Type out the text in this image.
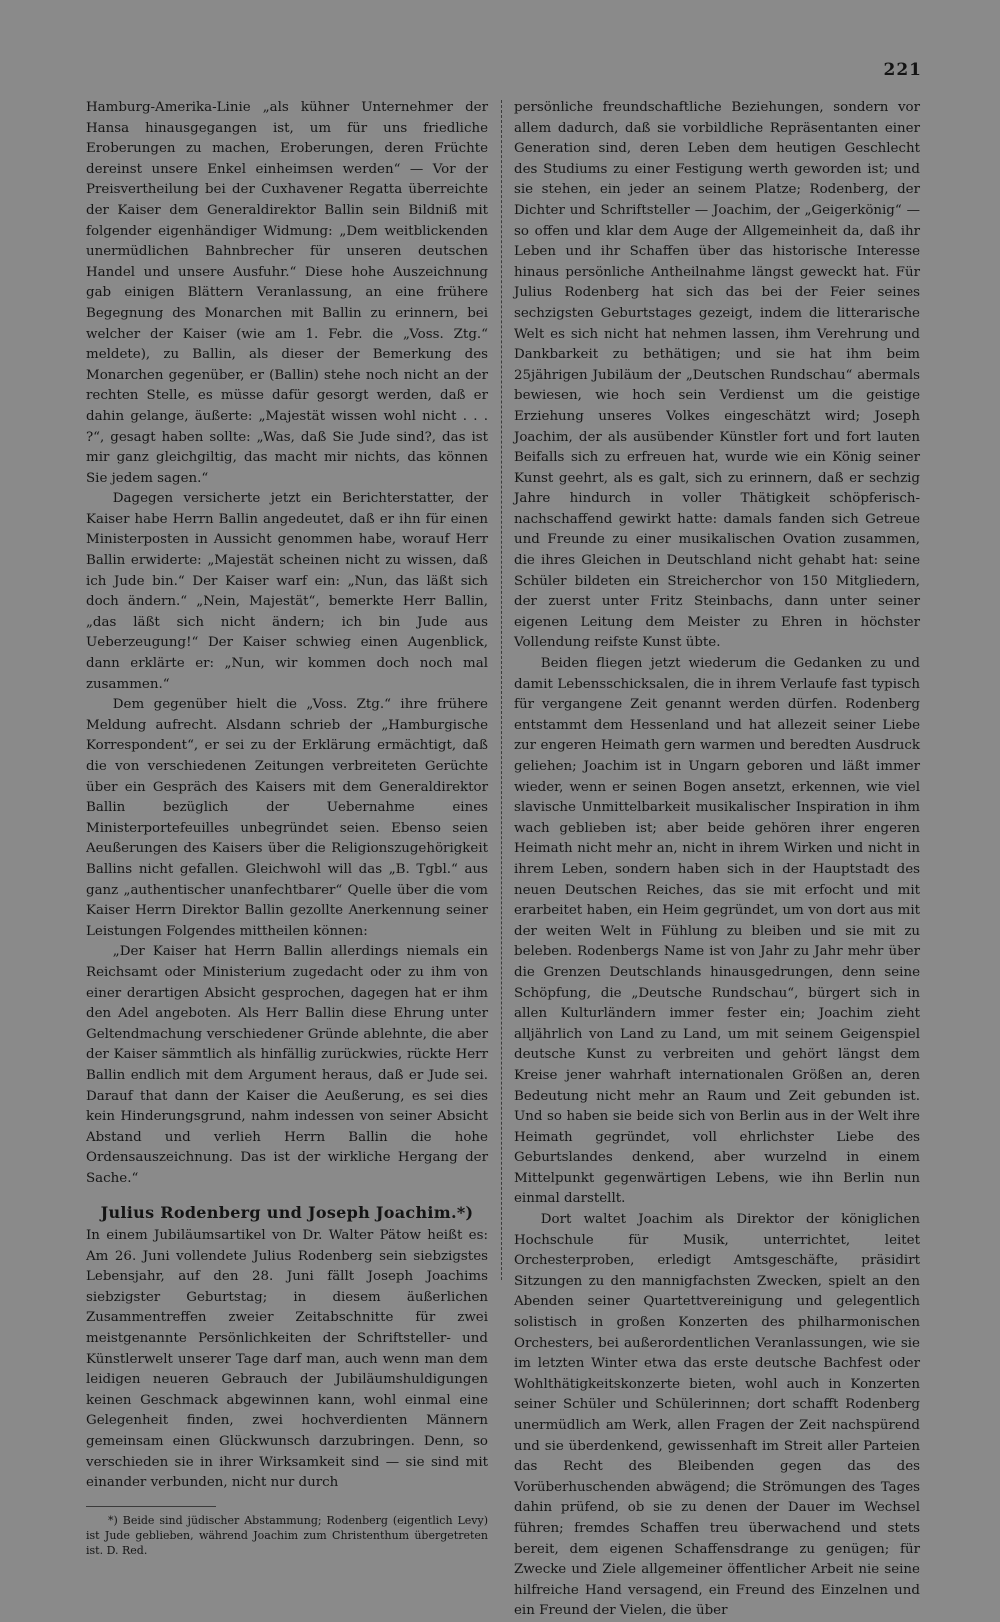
221

Hamburg-Amerika-Linie „als kühner Unternehmer der Hansa hinausgegangen ist, um für uns friedliche Eroberungen zu machen, Eroberungen, deren Früchte dereinst unsere Enkel einheimsen werden“ — Vor der Preisvertheilung bei der Cuxhavener Regatta überreichte der Kaiser dem Generaldirektor Ballin sein Bildniß mit folgender eigenhändiger Widmung: „Dem weitblickenden unermüdlichen Bahnbrecher für unseren deutschen Handel und unsere Ausfuhr.“ Diese hohe Auszeichnung gab einigen Blättern Veranlassung, an eine frühere Begegnung des Monarchen mit Ballin zu erinnern, bei welcher der Kaiser (wie am 1. Febr. die „Voss. Ztg.“ meldete), zu Ballin, als dieser der Bemerkung des Monarchen gegenüber, er (Ballin) stehe noch nicht an der rechten Stelle, es müsse dafür gesorgt werden, daß er dahin gelange, äußerte: „Majestät wissen wohl nicht . . . ?“, gesagt haben sollte: „Was, daß Sie Jude sind?, das ist mir ganz gleichgiltig, das macht mir nichts, das können Sie jedem sagen.“

Dagegen versicherte jetzt ein Berichterstatter, der Kaiser habe Herrn Ballin angedeutet, daß er ihn für einen Ministerposten in Aussicht genommen habe, worauf Herr Ballin erwiderte: „Majestät scheinen nicht zu wissen, daß ich Jude bin.“ Der Kaiser warf ein: „Nun, das läßt sich doch ändern.“ „Nein, Majestät“, bemerkte Herr Ballin, „das läßt sich nicht ändern; ich bin Jude aus Ueberzeugung!“ Der Kaiser schwieg einen Augenblick, dann erklärte er: „Nun, wir kommen doch noch mal zusammen.“

Dem gegenüber hielt die „Voss. Ztg.“ ihre frühere Meldung aufrecht. Alsdann schrieb der „Hamburgische Korrespondent“, er sei zu der Erklärung ermächtigt, daß die von verschiedenen Zeitungen verbreiteten Gerüchte über ein Gespräch des Kaisers mit dem Generaldirektor Ballin bezüglich der Uebernahme eines Ministerportefeuilles unbegründet seien. Ebenso seien Aeußerungen des Kaisers über die Religionszugehörigkeit Ballins nicht gefallen. Gleichwohl will das „B. Tgbl.“ aus ganz „authentischer unanfechtbarer“ Quelle über die vom Kaiser Herrn Direktor Ballin gezollte Anerkennung seiner Leistungen Folgendes mittheilen können:

„Der Kaiser hat Herrn Ballin allerdings niemals ein Reichsamt oder Ministerium zugedacht oder zu ihm von einer derartigen Absicht gesprochen, dagegen hat er ihm den Adel angeboten. Als Herr Ballin diese Ehrung unter Geltendmachung verschiedener Gründe ablehnte, die aber der Kaiser sämmtlich als hinfällig zurückwies, rückte Herr Ballin endlich mit dem Argument heraus, daß er Jude sei. Darauf that dann der Kaiser die Aeußerung, es sei dies kein Hinderungsgrund, nahm indessen von seiner Absicht Abstand und verlieh Herrn Ballin die hohe Ordensauszeichnung. Das ist der wirkliche Hergang der Sache.“

Julius Rodenberg und Joseph Joachim.*)

In einem Jubiläumsartikel von Dr. Walter Pätow heißt es: Am 26. Juni vollendete Julius Rodenberg sein siebzigstes Lebensjahr, auf den 28. Juni fällt Joseph Joachims siebzigster Geburtstag; in diesem äußerlichen Zusammentreffen zweier Zeitabschnitte für zwei meistgenannte Persönlichkeiten der Schriftsteller- und Künstlerwelt unserer Tage darf man, auch wenn man dem leidigen neueren Gebrauch der Jubiläumshuldigungen keinen Geschmack abgewinnen kann, wohl einmal eine Gelegenheit finden, zwei hochverdienten Männern gemeinsam einen Glückwunsch darzubringen. Denn, so verschieden sie in ihrer Wirksamkeit sind — sie sind mit einander verbunden, nicht nur durch

*) Beide sind jüdischer Abstammung; Rodenberg (eigentlich Levy) ist Jude geblieben, während Joachim zum Christenthum übergetreten ist. D. Red.

persönliche freundschaftliche Beziehungen, sondern vor allem dadurch, daß sie vorbildliche Repräsentanten einer Generation sind, deren Leben dem heutigen Geschlecht des Studiums zu einer Festigung werth geworden ist; und sie stehen, ein jeder an seinem Platze; Rodenberg, der Dichter und Schriftsteller — Joachim, der „Geigerkönig“ — so offen und klar dem Auge der Allgemeinheit da, daß ihr Leben und ihr Schaffen über das historische Interesse hinaus persönliche Antheilnahme längst geweckt hat. Für Julius Rodenberg hat sich das bei der Feier seines sechzigsten Geburtstages gezeigt, indem die litterarische Welt es sich nicht hat nehmen lassen, ihm Verehrung und Dankbarkeit zu bethätigen; und sie hat ihm beim 25jährigen Jubiläum der „Deutschen Rundschau“ abermals bewiesen, wie hoch sein Verdienst um die geistige Erziehung unseres Volkes eingeschätzt wird; Joseph Joachim, der als ausübender Künstler fort und fort lauten Beifalls sich zu erfreuen hat, wurde wie ein König seiner Kunst geehrt, als es galt, sich zu erinnern, daß er sechzig Jahre hindurch in voller Thätigkeit schöpferisch-nachschaffend gewirkt hatte: damals fanden sich Getreue und Freunde zu einer musikalischen Ovation zusammen, die ihres Gleichen in Deutschland nicht gehabt hat: seine Schüler bildeten ein Streicherchor von 150 Mitgliedern, der zuerst unter Fritz Steinbachs, dann unter seiner eigenen Leitung dem Meister zu Ehren in höchster Vollendung reifste Kunst übte.

Beiden fliegen jetzt wiederum die Gedanken zu und damit Lebensschicksalen, die in ihrem Verlaufe fast typisch für vergangene Zeit genannt werden dürfen. Rodenberg entstammt dem Hessenland und hat allezeit seiner Liebe zur engeren Heimath gern warmen und beredten Ausdruck geliehen; Joachim ist in Ungarn geboren und läßt immer wieder, wenn er seinen Bogen ansetzt, erkennen, wie viel slavische Unmittelbarkeit musikalischer Inspiration in ihm wach geblieben ist; aber beide gehören ihrer engeren Heimath nicht mehr an, nicht in ihrem Wirken und nicht in ihrem Leben, sondern haben sich in der Hauptstadt des neuen Deutschen Reiches, das sie mit erfocht und mit erarbeitet haben, ein Heim gegründet, um von dort aus mit der weiten Welt in Fühlung zu bleiben und sie mit zu beleben. Rodenbergs Name ist von Jahr zu Jahr mehr über die Grenzen Deutschlands hinausgedrungen, denn seine Schöpfung, die „Deutsche Rundschau“, bürgert sich in allen Kulturländern immer fester ein; Joachim zieht alljährlich von Land zu Land, um mit seinem Geigenspiel deutsche Kunst zu verbreiten und gehört längst dem Kreise jener wahrhaft internationalen Größen an, deren Bedeutung nicht mehr an Raum und Zeit gebunden ist. Und so haben sie beide sich von Berlin aus in der Welt ihre Heimath gegründet, voll ehrlichster Liebe des Geburtslandes denkend, aber wurzelnd in einem Mittelpunkt gegenwärtigen Lebens, wie ihn Berlin nun einmal darstellt.

Dort waltet Joachim als Direktor der königlichen Hochschule für Musik, unterrichtet, leitet Orchesterproben, erledigt Amtsgeschäfte, präsidirt Sitzungen zu den mannigfachsten Zwecken, spielt an den Abenden seiner Quartettvereinigung und gelegentlich solistisch in großen Konzerten des philharmonischen Orchesters, bei außerordentlichen Veranlassungen, wie sie im letzten Winter etwa das erste deutsche Bachfest oder Wohlthätigkeitskonzerte bieten, wohl auch in Konzerten seiner Schüler und Schülerinnen; dort schafft Rodenberg unermüdlich am Werk, allen Fragen der Zeit nachspürend und sie überdenkend, gewissenhaft im Streit aller Parteien das Recht des Bleibenden gegen das des Vorüberhuschenden abwägend; die Strömungen des Tages dahin prüfend, ob sie zu denen der Dauer im Wechsel führen; fremdes Schaffen treu überwachend und stets bereit, dem eigenen Schaffensdrange zu genügen; für Zwecke und Ziele allgemeiner öffentlicher Arbeit nie seine hilfreiche Hand versagend, ein Freund des Einzelnen und ein Freund der Vielen, die über
